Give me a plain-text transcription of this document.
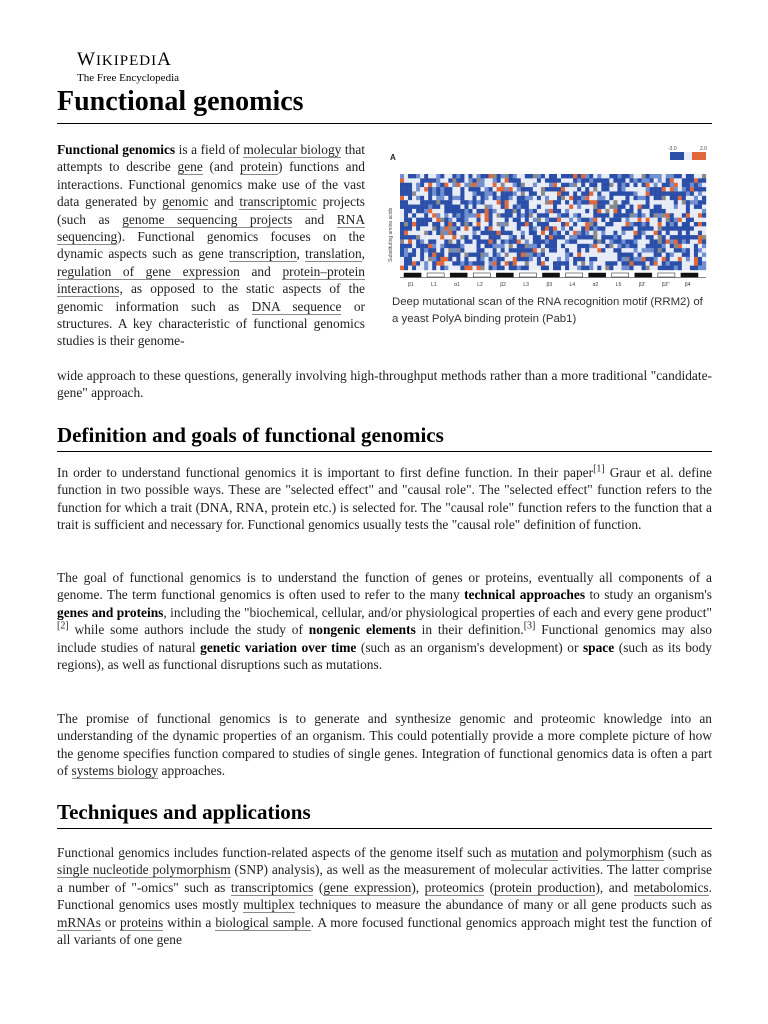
WIKIPEDIA
The Free Encyclopedia
Functional genomics
A
-3.0	2.0
Substituting amino acids
β1	L1	α1	L2	β2	L3	β3	L4	α2	L5	β3'	β3''	β4
Deep mutational scan of the RNA recognition motif (RRM2) of a yeast PolyA binding protein (Pab1)

Functional genomics is a field of molecular biology that attempts to describe gene (and protein) functions and interactions. Functional genomics make use of the vast data generated by genomic and transcriptomic projects (such as genome sequencing projects and RNA sequencing). Functional genomics focuses on the dynamic aspects such as gene transcription, translation, regulation of gene expression and protein–protein interactions, as opposed to the static aspects of the genomic information such as DNA sequence or structures. A key characteristic of functional genomics studies is their genome-

wide approach to these questions, generally involving high-throughput methods rather than a more traditional "candidate-gene" approach.

Definition and goals of functional genomics

In order to understand functional genomics it is important to first define function. In their paper[1] Graur et al. define function in two possible ways. These are "selected effect" and "causal role". The "selected effect" function refers to the function for which a trait (DNA, RNA, protein etc.) is selected for. The "causal role" function refers to the function that a trait is sufficient and necessary for. Functional genomics usually tests the "causal role" definition of function.

The goal of functional genomics is to understand the function of genes or proteins, eventually all components of a genome. The term functional genomics is often used to refer to the many technical approaches to study an organism's genes and proteins, including the "biochemical, cellular, and/or physiological properties of each and every gene product"[2] while some authors include the study of nongenic elements in their definition.[3] Functional genomics may also include studies of natural genetic variation over time (such as an organism's development) or space (such as its body regions), as well as functional disruptions such as mutations.

The promise of functional genomics is to generate and synthesize genomic and proteomic knowledge into an understanding of the dynamic properties of an organism. This could potentially provide a more complete picture of how the genome specifies function compared to studies of single genes. Integration of functional genomics data is often a part of systems biology approaches.

Techniques and applications

Functional genomics includes function-related aspects of the genome itself such as mutation and polymorphism (such as single nucleotide polymorphism (SNP) analysis), as well as the measurement of molecular activities. The latter comprise a number of "-omics" such as transcriptomics (gene expression), proteomics (protein production), and metabolomics. Functional genomics uses mostly multiplex techniques to measure the abundance of many or all gene products such as mRNAs or proteins within a biological sample. A more focused functional genomics approach might test the function of all variants of one gene
